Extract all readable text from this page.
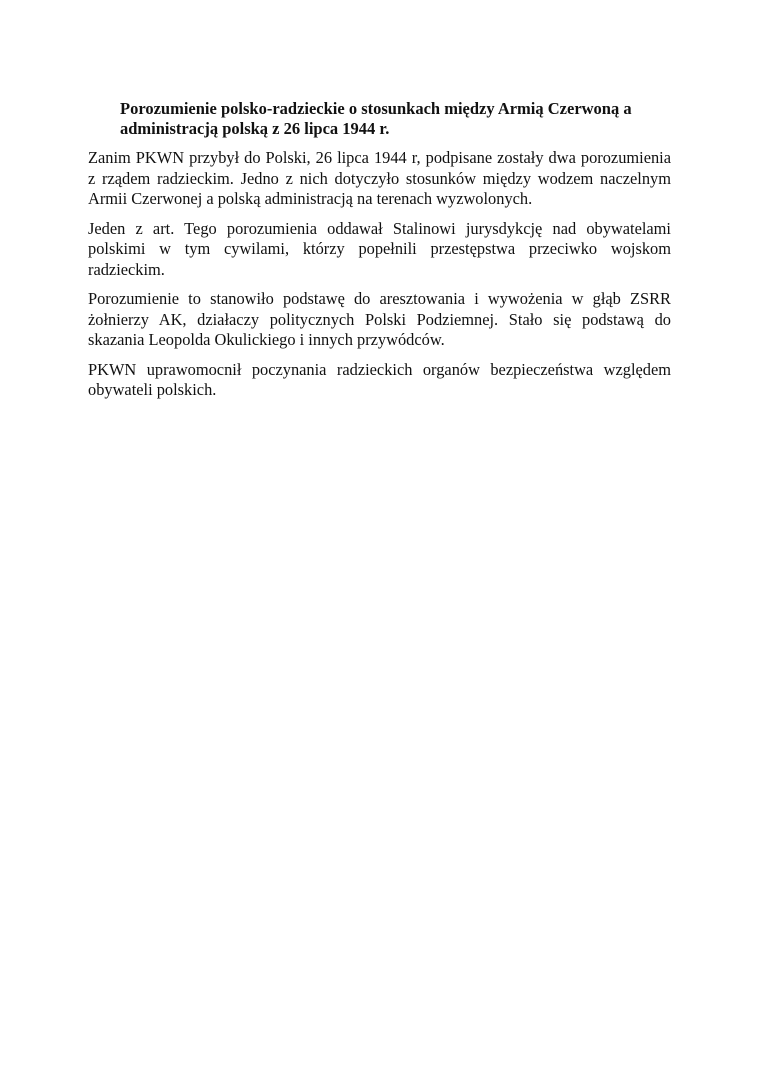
Porozumienie polsko-radzieckie o stosunkach między Armią Czerwoną a administracją polską z 26 lipca 1944 r.

Zanim PKWN przybył do Polski, 26 lipca 1944 r, podpisane zostały dwa porozumienia z rządem radzieckim. Jedno z nich dotyczyło stosunków między wodzem naczelnym Armii Czerwonej a polską administracją na terenach wyzwolonych.

Jeden z art. Tego porozumienia oddawał Stalinowi jurysdykcję nad obywatelami polskimi w tym cywilami, którzy popełnili przestępstwa przeciwko wojskom radzieckim.

Porozumienie to stanowiło podstawę do aresztowania i wywożenia w głąb ZSRR żołnierzy AK, działaczy politycznych Polski Podziemnej. Stało się podstawą do skazania Leopolda Okulickiego i innych przywódców.

PKWN uprawomocnił poczynania radzieckich organów bezpieczeństwa względem obywateli polskich.
